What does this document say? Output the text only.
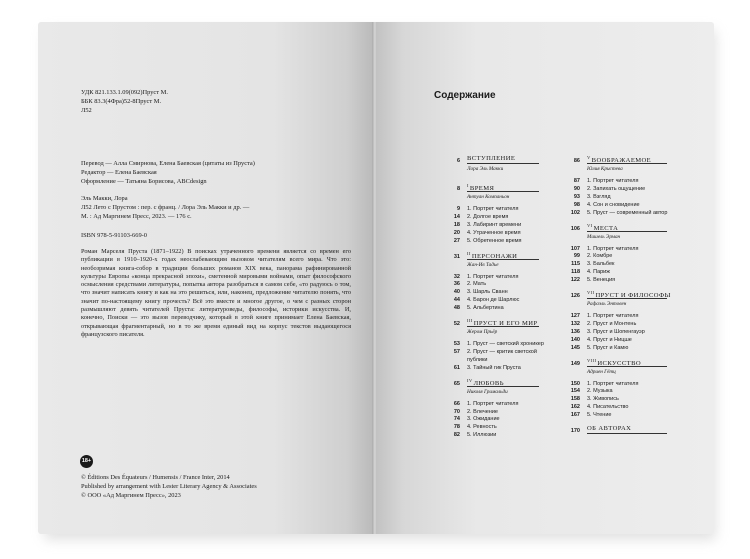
УДК 821.133.1.09(092)Пруст М.
ББК 83.3(4Фра)52-8Пруст М.
Л52
Перевод — Алла Смирнова, Елена Баевская (цитаты из Пруста)
Редактор — Елена Баевская
Оформление — Татьяна Борисова, ABCdesign
Эль Макки, Лора
Л52 Лето с Прустом : пер. с франц. / Лора Эль Макки и др. —
М. : Ад Маргинем Пресс, 2023. — 176 с.
ISBN 978-5-91103-669-0
Роман Марселя Пруста (1871–1922) В поисках утраченного времени является со времен его публикации в 1910–1920-х годах неослабевающим вызовом читателям всего мира. Что это: необозримая книга-собор в традиции больших романов XIX века, панорама рафинированной культуры Европы «конца прекрасной эпохи», сметенной мировыми войнами, опыт философского осмысления средствами литературы, попытка автора разобраться в самом себе, «то радуюсь о том, что значит написать книгу и как на это решиться, или, наконец, предложение читателю понять, что значит по-настоящему книгу прочесть? Всё это вместе и многое другое, о чем с разных сторон размышляют девять читателей Пруста: литературоведы, философы, историки искусства. И, конечно, Поиски — это вызов переводчику, который в этой книге принимает Елена Баевская, открывающая фрагментарный, но в то же время единый вид на корпус текстов выдающегося французского писателя.
18+
© Éditions Des Équateurs / Humensis / France Inter, 2014
Published by arrangement with Lester Literary Agency & Associates
© ООО «Ад Маргинем Пресс», 2023
Содержание
6 ВСТУПЛЕНИЕ
Лора Эль Макки
8
$^I$ВРЕМЯ
Антуан Компаньон
9 1. Портрет читателя
14 2. Долгое время
18 3. Лабиринт времени
20 4. Утраченное время
27 5. Обретенное время
31
$^{II}$ПЕРСОНАЖИ
Жан-Ив Тадье
32 1. Портрет читателя
36 2. Мать
40 3. Шарль Сванн
44 4. Барон де Шарлюс
48 5. Альбертина
52
$^{III}$ПРУСТ И ЕГО МИР
Жером Прьёр
53 1. Пруст — светский хроникер
57 2. Пруст — критик светской
публики
61 3. Тайный гик Пруста
65
$^{IV}$ЛЮБОВЬ
Николя Гримальди
66 1. Портрет читателя
70 2. Влечение
74 3. Ожидание
78 4. Ревность
82 5. Иллюзии
86
$^V$ВООБРАЖАЕМОЕ
Юлия Кристева
87 1. Портрет читателя
90 2. Запихать ощущение
93 3. Взгляд
98 4. Сон и сновидение
102 5. Пруст — современный автор
106
$^{VI}$МЕСТА
Мишель Эрман
107 1. Портрет читателя
99 2. Комбре
115 3. Бальбек
118 4. Париж
122 5. Венеция
126
$^{VII}$ПРУСТ И ФИЛОСОФЫ
Рафаэль Энтовен
127 1. Портрет читателя
132 2. Пруст и Монтень
136 3. Пруст и Шопенгауэр
140 4. Пруст и Ницше
145 5. Пруст и Камю
149
$^{VIII}$ИСКУССТВО
Адриен Гётц
150 1. Портрет читателя
154 2. Музыка
158 3. Живопись
162 4. Писательство
167 5. Чтение
170 ОБ АВТОРАХ
